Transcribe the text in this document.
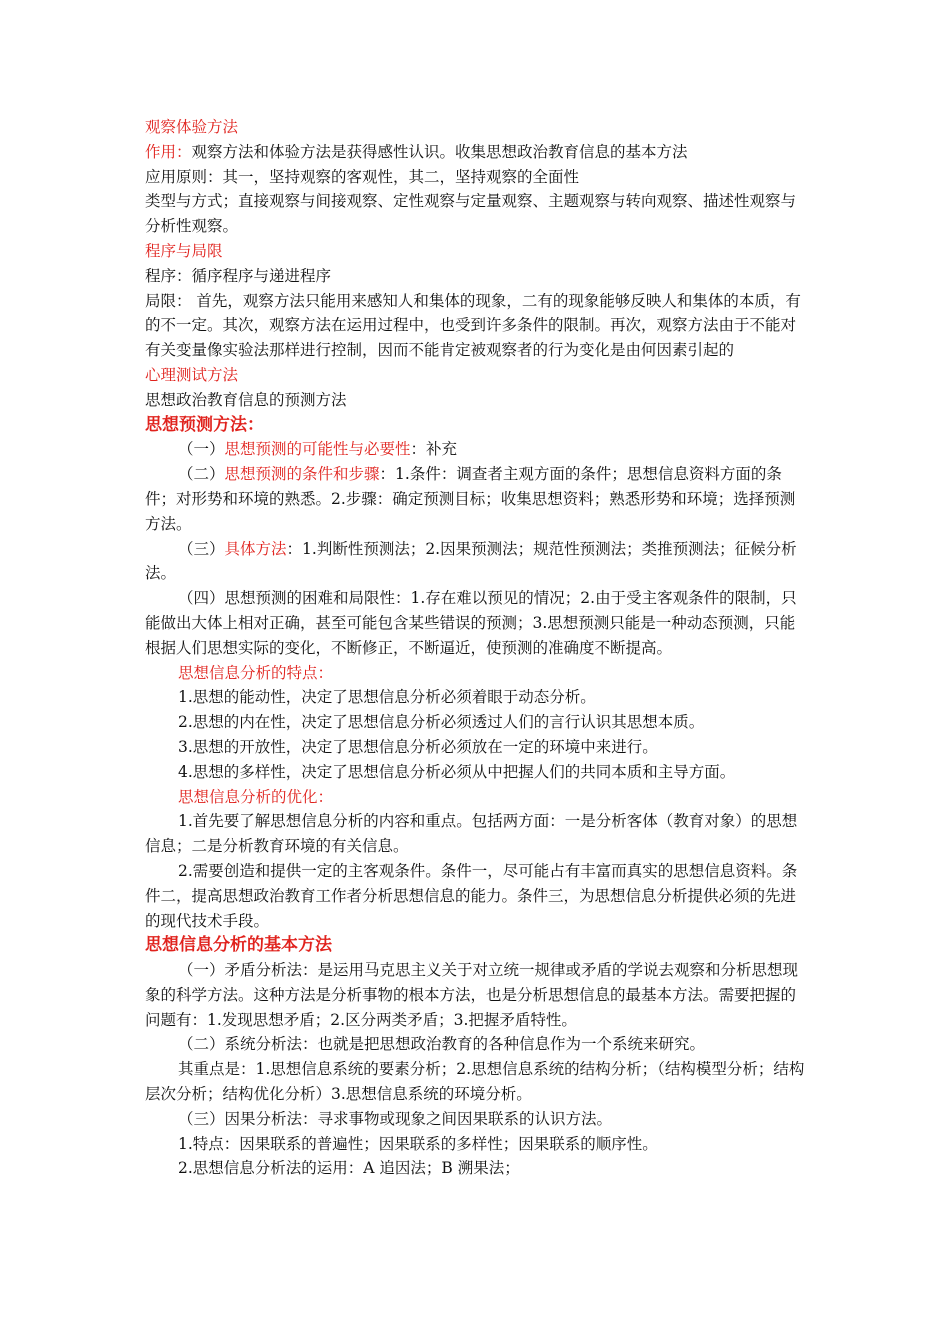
观察体验方法

作用：观察方法和体验方法是获得感性认识。收集思想政治教育信息的基本方法

应用原则：其一，坚持观察的客观性，其二，坚持观察的全面性

类型与方式；直接观察与间接观察、定性观察与定量观察、主题观察与转向观察、描述性观察与分析性观察。

程序与局限

程序：循序程序与递进程序

局限： 首先，观察方法只能用来感知人和集体的现象，二有的现象能够反映人和集体的本质，有的不一定。其次，观察方法在运用过程中，也受到许多条件的限制。再次，观察方法由于不能对有关变量像实验法那样进行控制，因而不能肯定被观察者的行为变化是由何因素引起的

心理测试方法

思想政治教育信息的预测方法

思想预测方法：

（一）思想预测的可能性与必要性：补充

（二）思想预测的条件和步骤：1.条件：调查者主观方面的条件；思想信息资料方面的条件；对形势和环境的熟悉。2.步骤：确定预测目标；收集思想资料；熟悉形势和环境；选择预测方法。

（三）具体方法：1.判断性预测法；2.因果预测法；规范性预测法；类推预测法；征候分析法。

（四）思想预测的困难和局限性：1.存在难以预见的情况；2.由于受主客观条件的限制，只能做出大体上相对正确，甚至可能包含某些错误的预测；3.思想预测只能是一种动态预测，只能根据人们思想实际的变化，不断修正，不断逼近，使预测的准确度不断提高。

思想信息分析的特点：

1.思想的能动性，决定了思想信息分析必须着眼于动态分析。

2.思想的内在性，决定了思想信息分析必须透过人们的言行认识其思想本质。

3.思想的开放性，决定了思想信息分析必须放在一定的环境中来进行。

4.思想的多样性，决定了思想信息分析必须从中把握人们的共同本质和主导方面。

思想信息分析的优化：

1.首先要了解思想信息分析的内容和重点。包括两方面：一是分析客体（教育对象）的思想信息；二是分析教育环境的有关信息。

2.需要创造和提供一定的主客观条件。条件一，尽可能占有丰富而真实的思想信息资料。条件二，提高思想政治教育工作者分析思想信息的能力。条件三，为思想信息分析提供必须的先进的现代技术手段。

思想信息分析的基本方法

（一）矛盾分析法：是运用马克思主义关于对立统一规律或矛盾的学说去观察和分析思想现象的科学方法。这种方法是分析事物的根本方法，也是分析思想信息的最基本方法。需要把握的问题有：1.发现思想矛盾；2.区分两类矛盾；3.把握矛盾特性。

（二）系统分析法：也就是把思想政治教育的各种信息作为一个系统来研究。

其重点是：1.思想信息系统的要素分析；2.思想信息系统的结构分析；（结构模型分析；结构层次分析；结构优化分析）3.思想信息系统的环境分析。

（三）因果分析法：寻求事物或现象之间因果联系的认识方法。

1.特点：因果联系的普遍性；因果联系的多样性；因果联系的顺序性。

2.思想信息分析法的运用：A 追因法；B 溯果法；
